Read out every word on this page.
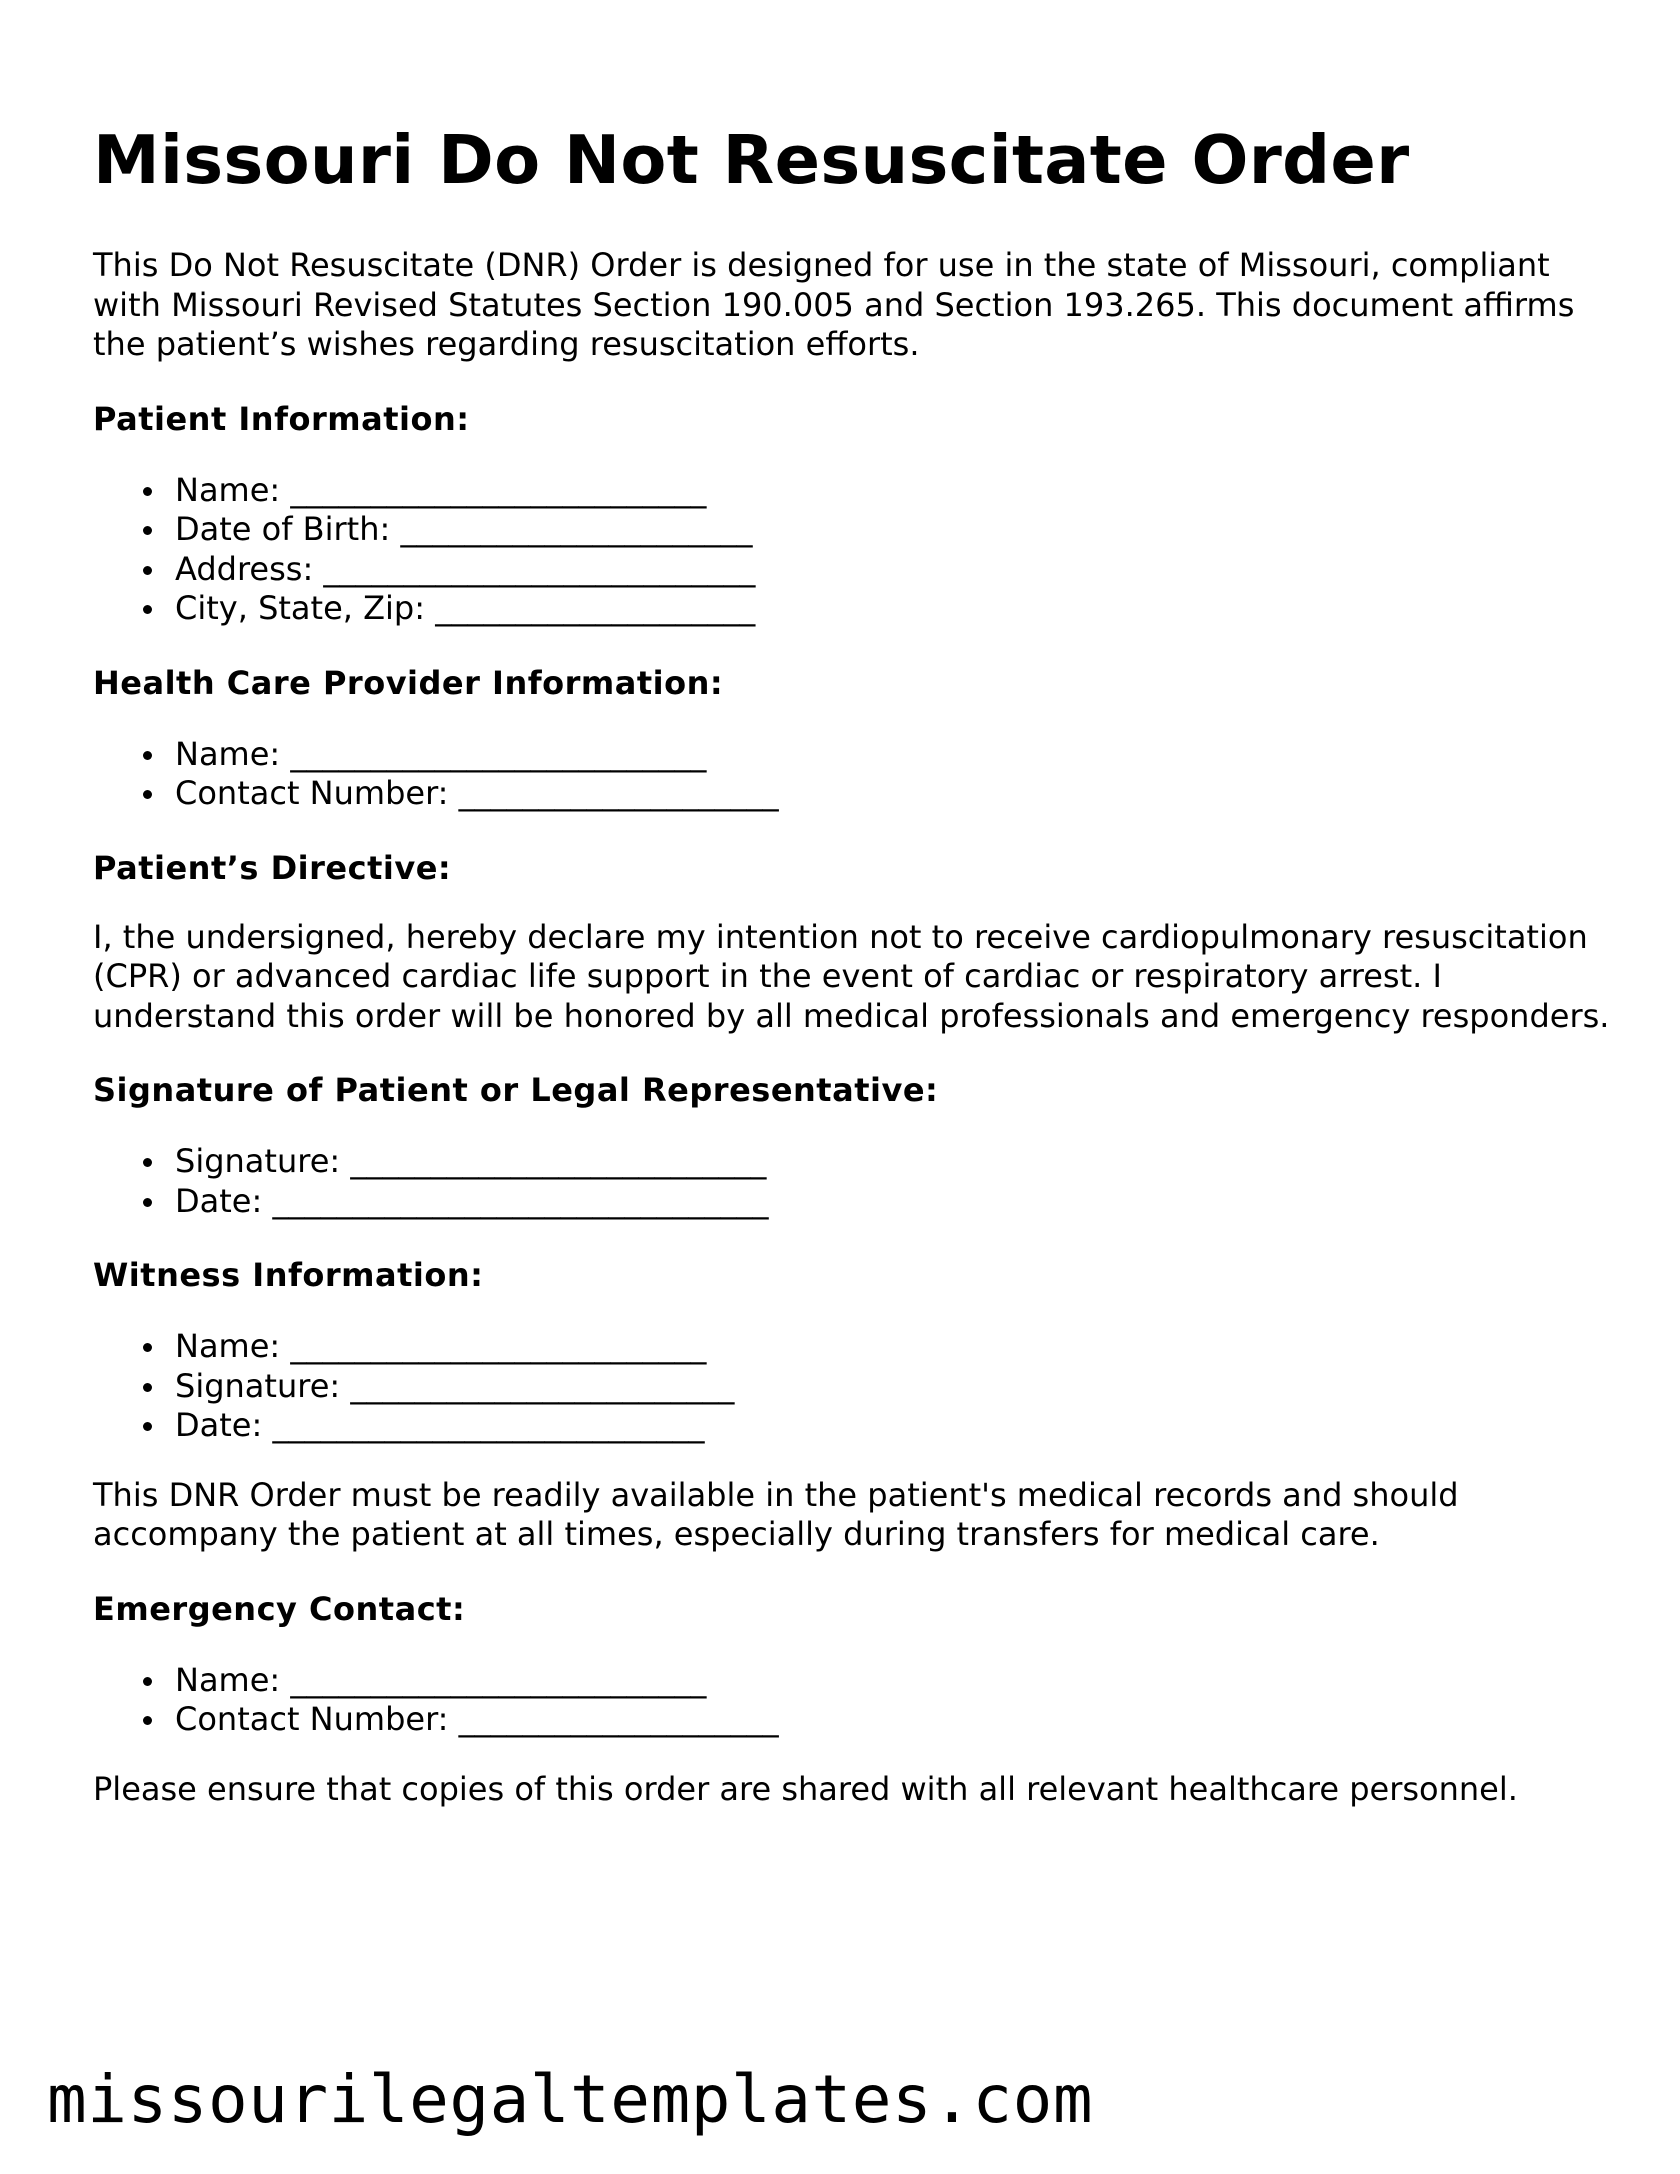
Missouri Do Not Resuscitate Order

This Do Not Resuscitate (DNR) Order is designed for use in the state of Missouri, compliant with Missouri Revised Statutes Section 190.005 and Section 193.265. This document affirms the patient’s wishes regarding resuscitation efforts.

Patient Information:
Name: __________________________
Date of Birth: ______________________
Address: ___________________________
City, State, Zip: ____________________
Health Care Provider Information:
Name: __________________________
Contact Number: ____________________
Patient’s Directive:

I, the undersigned, hereby declare my intention not to receive cardiopulmonary resuscitation (CPR) or advanced cardiac life support in the event of cardiac or respiratory arrest. I understand this order will be honored by all medical professionals and emergency responders.

Signature of Patient or Legal Representative:
Signature: __________________________
Date: _______________________________
Witness Information:
Name: __________________________
Signature: ________________________
Date: ___________________________

This DNR Order must be readily available in the patient's medical records and should accompany the patient at all times, especially during transfers for medical care.

Emergency Contact:
Name: __________________________
Contact Number: ____________________

Please ensure that copies of this order are shared with all relevant healthcare personnel.

missourilegaltemplates.com
